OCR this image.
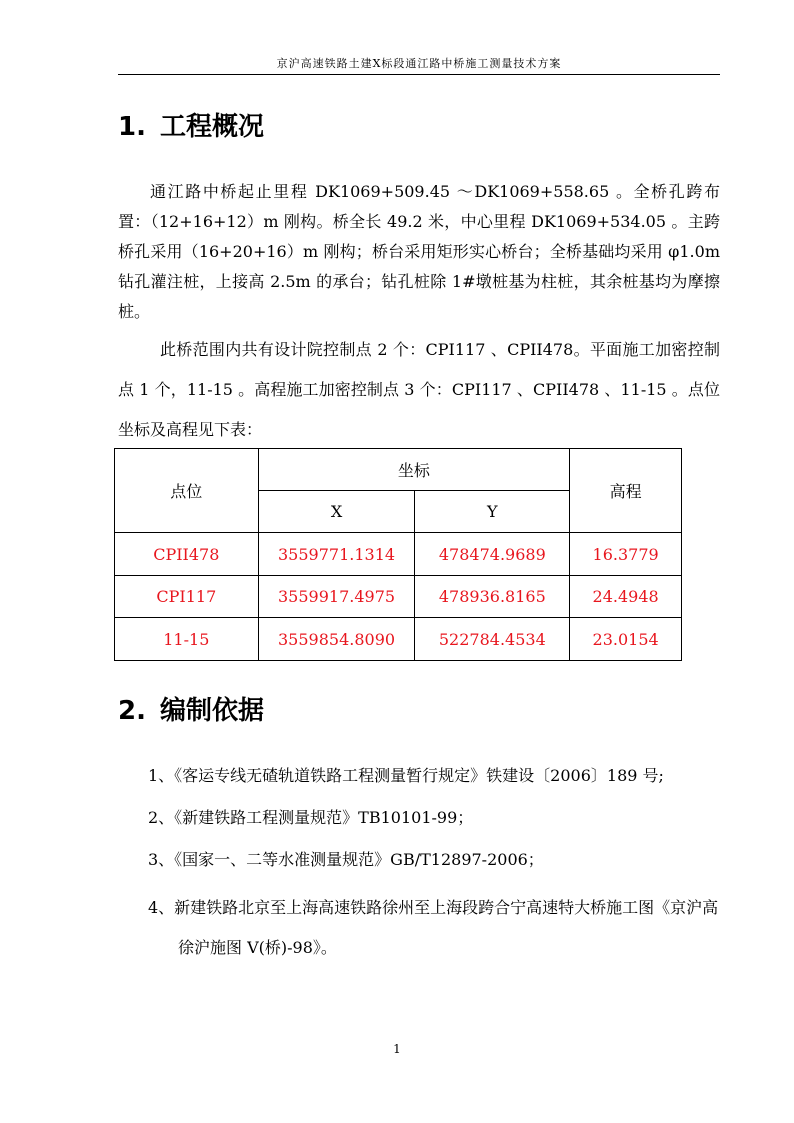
京沪高速铁路土建X标段通江路中桥施工测量技术方案
1. 工程概况

通江路中桥起止里程 DK1069+509.45 ～DK1069+558.65 。全桥孔跨布置：（12+16+12）m 刚构。桥全长 49.2 米，中心里程 DK1069+534.05 。主跨桥孔采用（16+20+16）m 刚构；桥台采用矩形实心桥台；全桥基础均采用 φ1.0m 钻孔灌注桩，上接高 2.5m 的承台；钻孔桩除 1#墩桩基为柱桩，其余桩基均为摩擦桩。

此桥范围内共有设计院控制点 2 个：CPI117 、CPII478。平面施工加密控制点 1 个，11-15 。高程施工加密控制点 3 个：CPI117 、CPII478 、11-15 。点位坐标及高程见下表：

点位	坐标		高程
	X	Y	
CPII478	3559771.1314	478474.9689	16.3779
CPI117	3559917.4975	478936.8165	24.4948
11-15	3559854.8090	522784.4534	23.0154
2. 编制依据

1、《客运专线无碴轨道铁路工程测量暂行规定》铁建设〔2006〕189 号;

2、《新建铁路工程测量规范》TB10101-99；

3、《国家一、二等水准测量规范》GB/T12897-2006；

4、新建铁路北京至上海高速铁路徐州至上海段跨合宁高速特大桥施工图《京沪高徐沪施图 V(桥)-98》。

1
